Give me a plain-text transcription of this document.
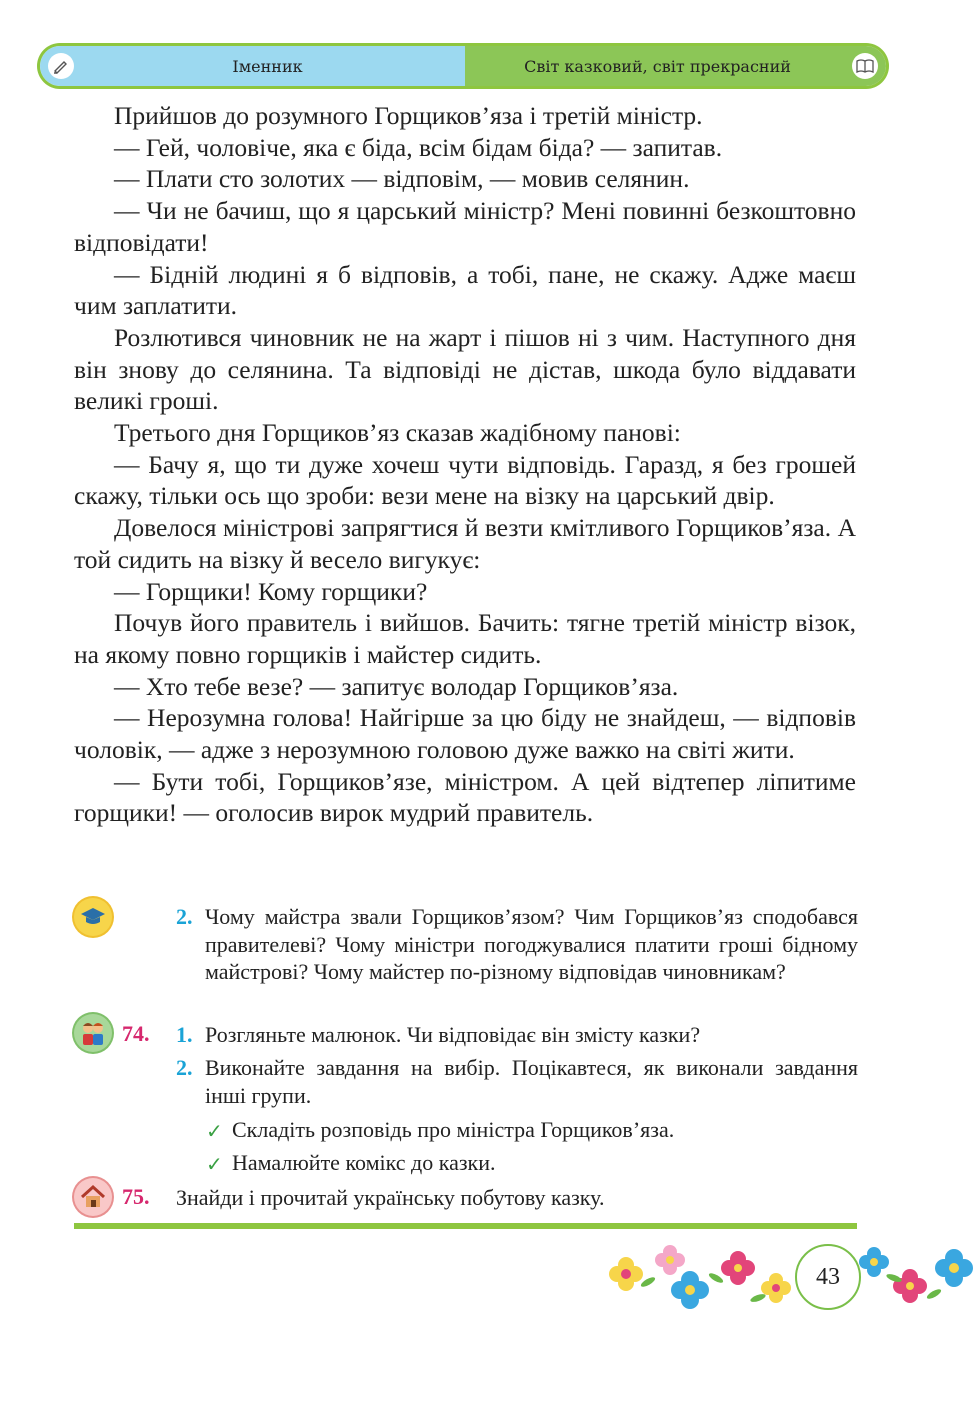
Іменник	Світ казковий, світ прекрасний

Прийшов до розумного Горщиков’яза і третій міністр.

— Гей, чоловіче, яка є біда, всім бідам біда? — запитав.

— Плати сто золотих — відповім, — мовив селянин.

— Чи не бачиш, що я царський міністр? Мені повинні безкоштовно відповідати!

— Бідній людині я б відповів, а тобі, пане, не скажу. Адже маєш чим заплатити.

Розлютився чиновник не на жарт і пішов ні з чим. Наступного дня він знову до селянина. Та відповіді не дістав, шкода було віддавати великі гроші.

Третього дня Горщиков’яз сказав жадібному панові:

— Бачу я, що ти дуже хочеш чути відповідь. Гаразд, я без грошей скажу, тільки ось що зроби: вези мене на візку на царський двір.

Довелося міністрові запрягтися й везти кмітливого Горщиков’яза. А той сидить на візку й весело вигукує:

— Горщики! Кому горщики?

Почув його правитель і вийшов. Бачить: тягне третій міністр візок, на якому повно горщиків і майстер сидить.

— Хто тебе везе? — запитує володар Горщиков’яза.

— Нерозумна голова! Найгірше за цю біду не знайдеш, — відповів чоловік, — адже з нерозумною головою дуже важко на світі жити.

— Бути тобі, Горщиков’язе, міністром. А цей відтепер ліпитиме горщики! — оголосив вирок мудрий правитель.

2. Чому майстра звали Горщиков’язом? Чим Горщиков’яз сподобався правителеві? Чому міністри погоджувалися платити гроші бідному майстрові? Чому майстер по-різному відповідав чиновникам?
74. 1. Розгляньте малюнок. Чи відповідає він змісту казки?
2. Виконайте завдання на вибір. Поцікавтеся, як виконали завдання інші групи.
✓ Складіть розповідь про міністра Горщиков’яза.
✓ Намалюйте комікс до казки.
75. Знайди і прочитай українську побутову казку.
43
